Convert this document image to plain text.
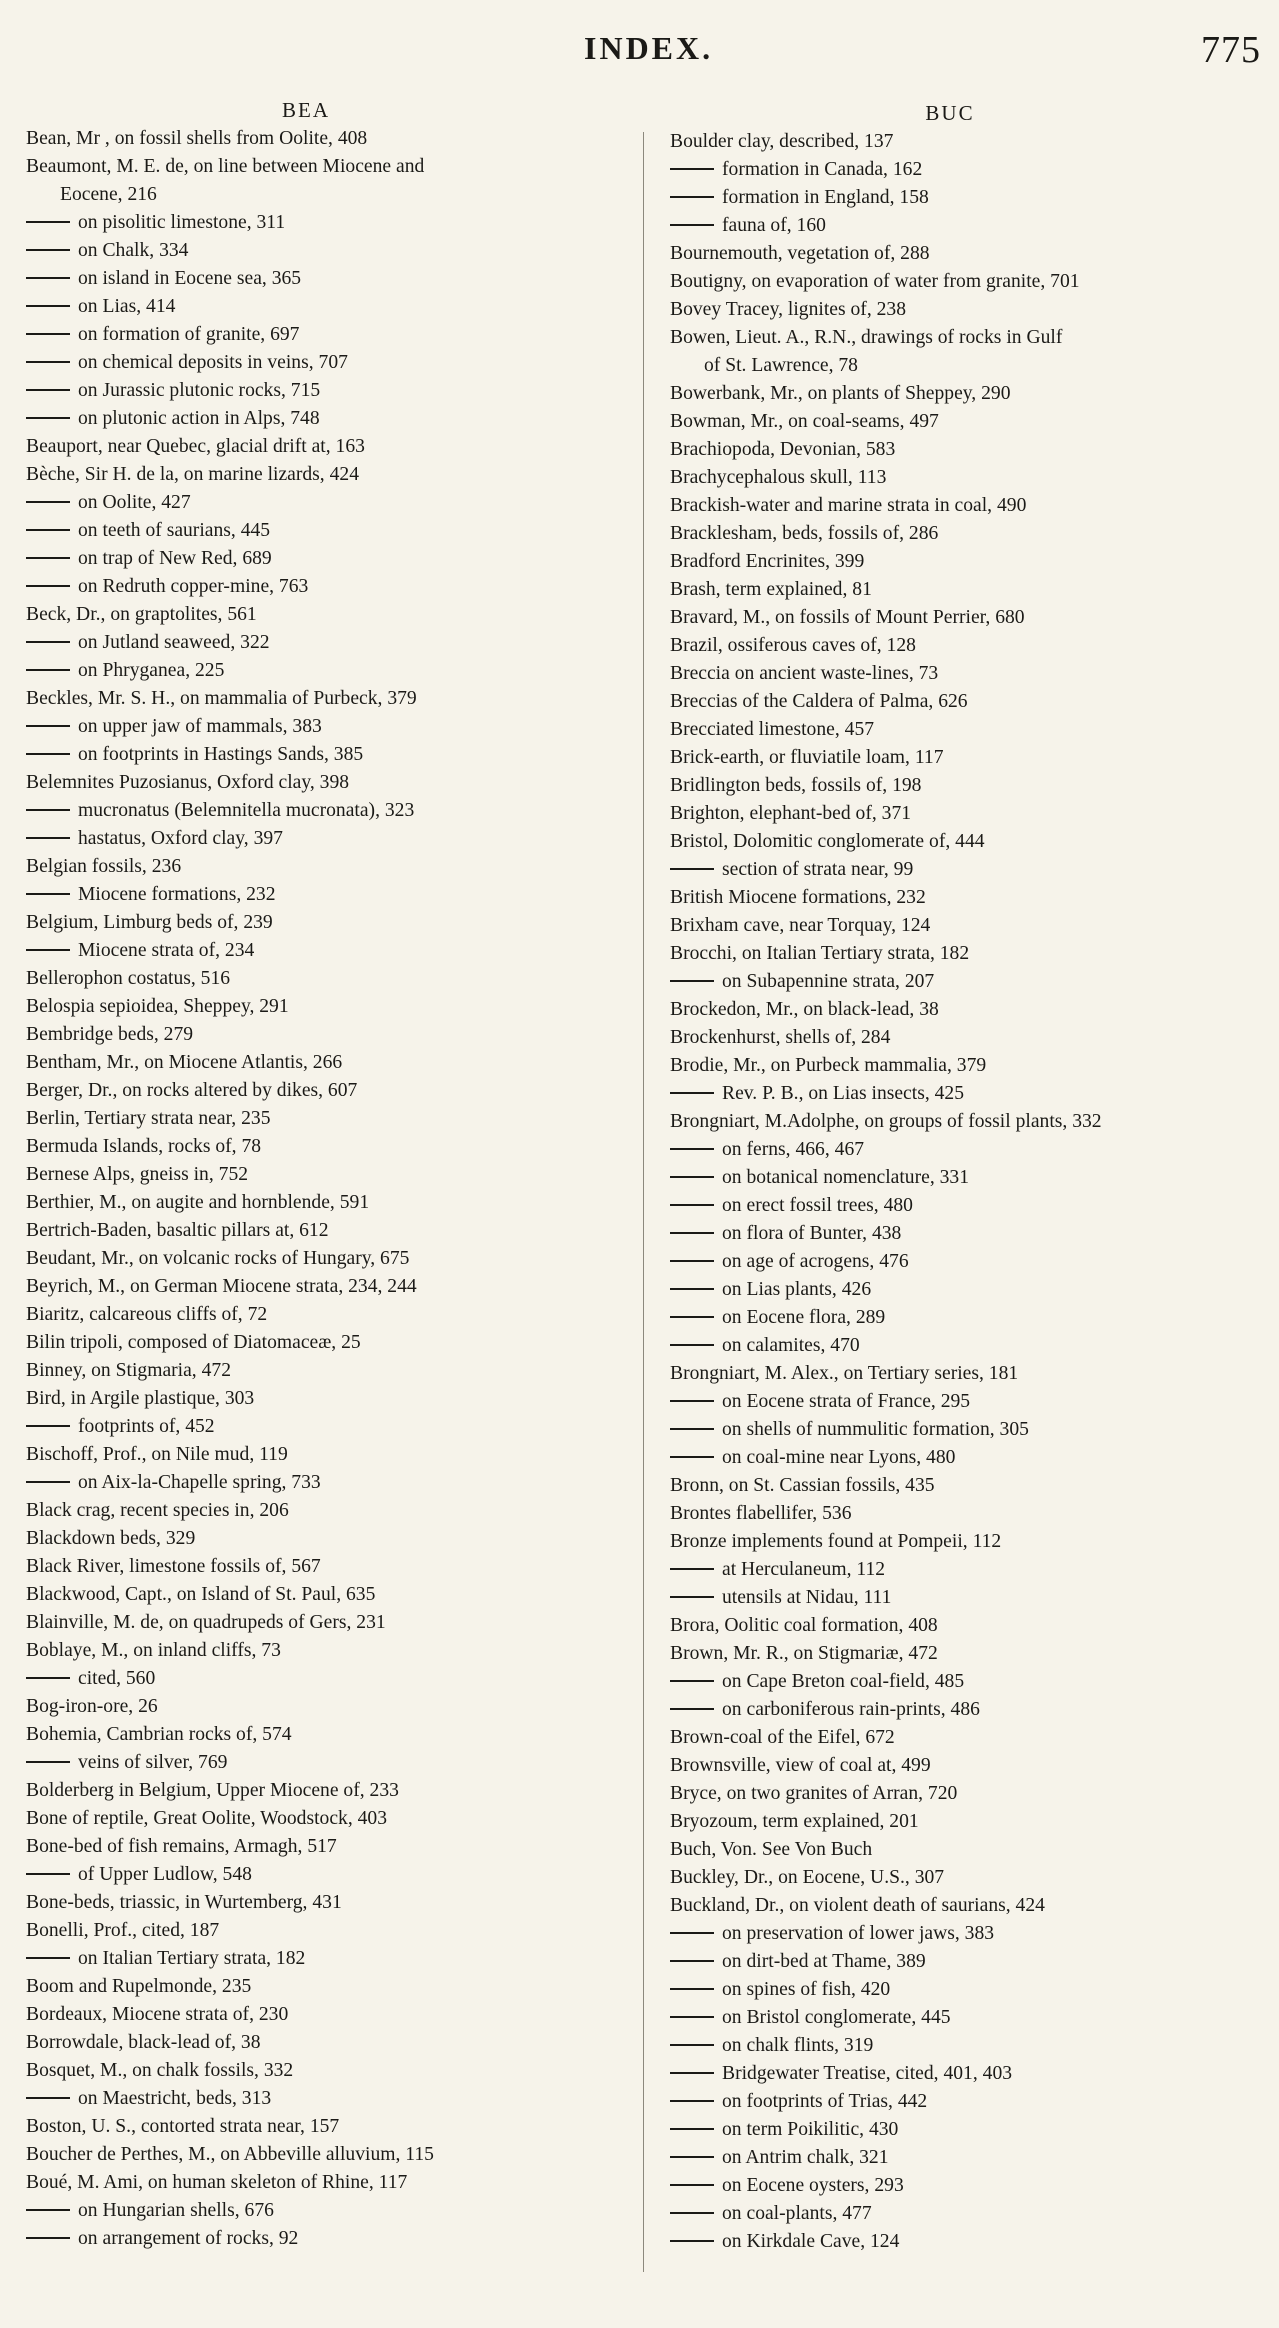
INDEX.	775
BEA
Bean, Mr , on fossil shells from Oolite, 408
Beaumont, M. E. de, on line between Miocene and
Eocene, 216
on pisolitic limestone, 311
on Chalk, 334
on island in Eocene sea, 365
on Lias, 414
on formation of granite, 697
on chemical deposits in veins, 707
on Jurassic plutonic rocks, 715
on plutonic action in Alps, 748
Beauport, near Quebec, glacial drift at, 163
Bèche, Sir H. de la, on marine lizards, 424
on Oolite, 427
on teeth of saurians, 445
on trap of New Red, 689
on Redruth copper-mine, 763
Beck, Dr., on graptolites, 561
on Jutland seaweed, 322
on Phryganea, 225
Beckles, Mr. S. H., on mammalia of Purbeck, 379
on upper jaw of mammals, 383
on footprints in Hastings Sands, 385
Belemnites Puzosianus, Oxford clay, 398
mucronatus (Belemnitella mucronata), 323
hastatus, Oxford clay, 397
Belgian fossils, 236
Miocene formations, 232
Belgium, Limburg beds of, 239
Miocene strata of, 234
Bellerophon costatus, 516
Belospia sepioidea, Sheppey, 291
Bembridge beds, 279
Bentham, Mr., on Miocene Atlantis, 266
Berger, Dr., on rocks altered by dikes, 607
Berlin, Tertiary strata near, 235
Bermuda Islands, rocks of, 78
Bernese Alps, gneiss in, 752
Berthier, M., on augite and hornblende, 591
Bertrich-Baden, basaltic pillars at, 612
Beudant, Mr., on volcanic rocks of Hungary, 675
Beyrich, M., on German Miocene strata, 234, 244
Biaritz, calcareous cliffs of, 72
Bilin tripoli, composed of Diatomaceæ, 25
Binney, on Stigmaria, 472
Bird, in Argile plastique, 303
footprints of, 452
Bischoff, Prof., on Nile mud, 119
on Aix-la-Chapelle spring, 733
Black crag, recent species in, 206
Blackdown beds, 329
Black River, limestone fossils of, 567
Blackwood, Capt., on Island of St. Paul, 635
Blainville, M. de, on quadrupeds of Gers, 231
Boblaye, M., on inland cliffs, 73
cited, 560
Bog-iron-ore, 26
Bohemia, Cambrian rocks of, 574
veins of silver, 769
Bolderberg in Belgium, Upper Miocene of, 233
Bone of reptile, Great Oolite, Woodstock, 403
Bone-bed of fish remains, Armagh, 517
of Upper Ludlow, 548
Bone-beds, triassic, in Wurtemberg, 431
Bonelli, Prof., cited, 187
on Italian Tertiary strata, 182
Boom and Rupelmonde, 235
Bordeaux, Miocene strata of, 230
Borrowdale, black-lead of, 38
Bosquet, M., on chalk fossils, 332
on Maestricht, beds, 313
Boston, U. S., contorted strata near, 157
Boucher de Perthes, M., on Abbeville alluvium, 115
Boué, M. Ami, on human skeleton of Rhine, 117
on Hungarian shells, 676
on arrangement of rocks, 92
BUC
Boulder clay, described, 137
formation in Canada, 162
formation in England, 158
fauna of, 160
Bournemouth, vegetation of, 288
Boutigny, on evaporation of water from granite, 701
Bovey Tracey, lignites of, 238
Bowen, Lieut. A., R.N., drawings of rocks in Gulf
of St. Lawrence, 78
Bowerbank, Mr., on plants of Sheppey, 290
Bowman, Mr., on coal-seams, 497
Brachiopoda, Devonian, 583
Brachycephalous skull, 113
Brackish-water and marine strata in coal, 490
Bracklesham, beds, fossils of, 286
Bradford Encrinites, 399
Brash, term explained, 81
Bravard, M., on fossils of Mount Perrier, 680
Brazil, ossiferous caves of, 128
Breccia on ancient waste-lines, 73
Breccias of the Caldera of Palma, 626
Brecciated limestone, 457
Brick-earth, or fluviatile loam, 117
Bridlington beds, fossils of, 198
Brighton, elephant-bed of, 371
Bristol, Dolomitic conglomerate of, 444
section of strata near, 99
British Miocene formations, 232
Brixham cave, near Torquay, 124
Brocchi, on Italian Tertiary strata, 182
on Subapennine strata, 207
Brockedon, Mr., on black-lead, 38
Brockenhurst, shells of, 284
Brodie, Mr., on Purbeck mammalia, 379
Rev. P. B., on Lias insects, 425
Brongniart, M.Adolphe, on groups of fossil plants, 332
on ferns, 466, 467
on botanical nomenclature, 331
on erect fossil trees, 480
on flora of Bunter, 438
on age of acrogens, 476
on Lias plants, 426
on Eocene flora, 289
on calamites, 470
Brongniart, M. Alex., on Tertiary series, 181
on Eocene strata of France, 295
on shells of nummulitic formation, 305
on coal-mine near Lyons, 480
Bronn, on St. Cassian fossils, 435
Brontes flabellifer, 536
Bronze implements found at Pompeii, 112
at Herculaneum, 112
utensils at Nidau, 111
Brora, Oolitic coal formation, 408
Brown, Mr. R., on Stigmariæ, 472
on Cape Breton coal-field, 485
on carboniferous rain-prints, 486
Brown-coal of the Eifel, 672
Brownsville, view of coal at, 499
Bryce, on two granites of Arran, 720
Bryozoum, term explained, 201
Buch, Von. See Von Buch
Buckley, Dr., on Eocene, U.S., 307
Buckland, Dr., on violent death of saurians, 424
on preservation of lower jaws, 383
on dirt-bed at Thame, 389
on spines of fish, 420
on Bristol conglomerate, 445
on chalk flints, 319
Bridgewater Treatise, cited, 401, 403
on footprints of Trias, 442
on term Poikilitic, 430
on Antrim chalk, 321
on Eocene oysters, 293
on coal-plants, 477
on Kirkdale Cave, 124
